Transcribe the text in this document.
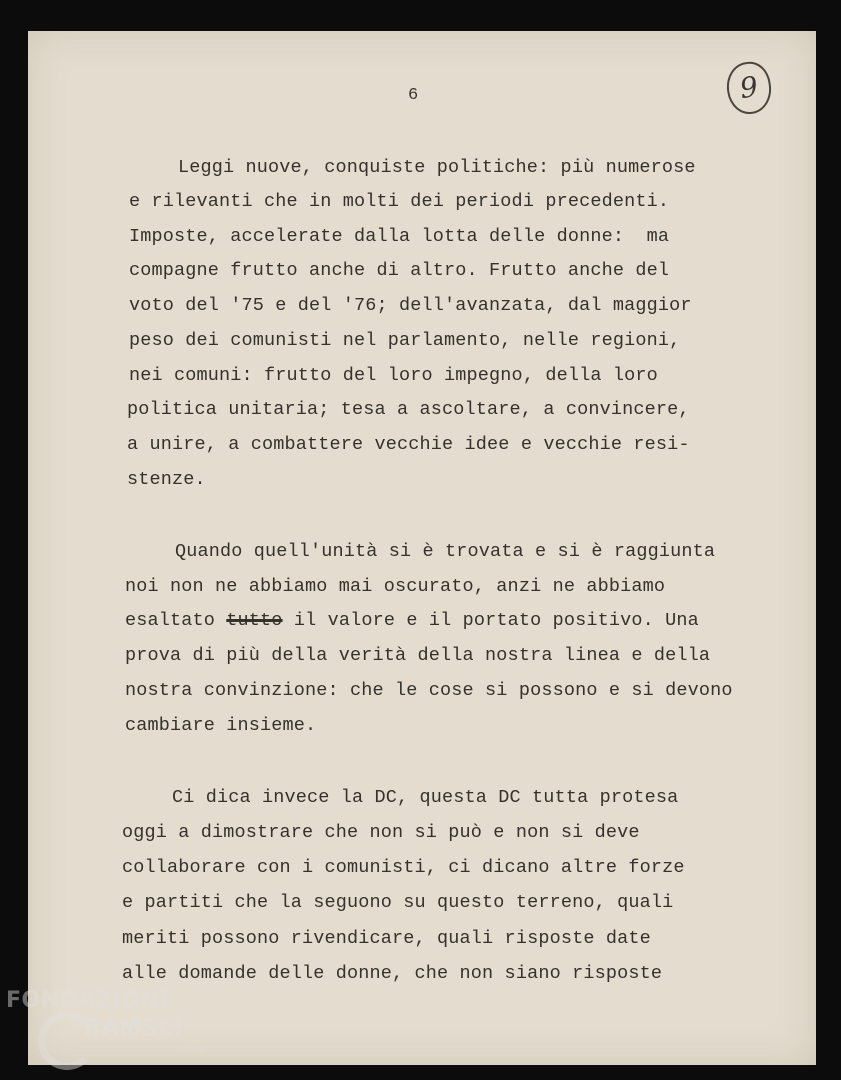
6	9
Leggi nuove, conquiste politiche: più numerose
e rilevanti che in molti dei periodi precedenti.
Imposte, accelerate dalla lotta delle donne:  ma
compagne frutto anche di altro. Frutto anche del
voto del '75 e del '76; dell'avanzata, dal maggior
peso dei comunisti nel parlamento, nelle regioni,
nei comuni: frutto del loro impegno, della loro
politica unitaria; tesa a ascoltare, a convincere,
a unire, a combattere vecchie idee e vecchie resi-
stenze.
Quando quell'unità si è trovata e si è raggiunta
noi non ne abbiamo mai oscurato, anzi ne abbiamo
esaltato tutto il valore e il portato positivo. Una
prova di più della verità della nostra linea e della
nostra convinzione: che le cose si possono e si devono
cambiare insieme.
Ci dica invece la DC, questa DC tutta protesa
oggi a dimostrare che non si può e non si deve
collaborare con i comunisti, ci dicano altre forze
e partiti che la seguono su questo terreno, quali
meriti possono rivendicare, quali risposte date
alle domande delle donne, che non siano risposte
FONDAZIONE
RAMSCI
onlus
